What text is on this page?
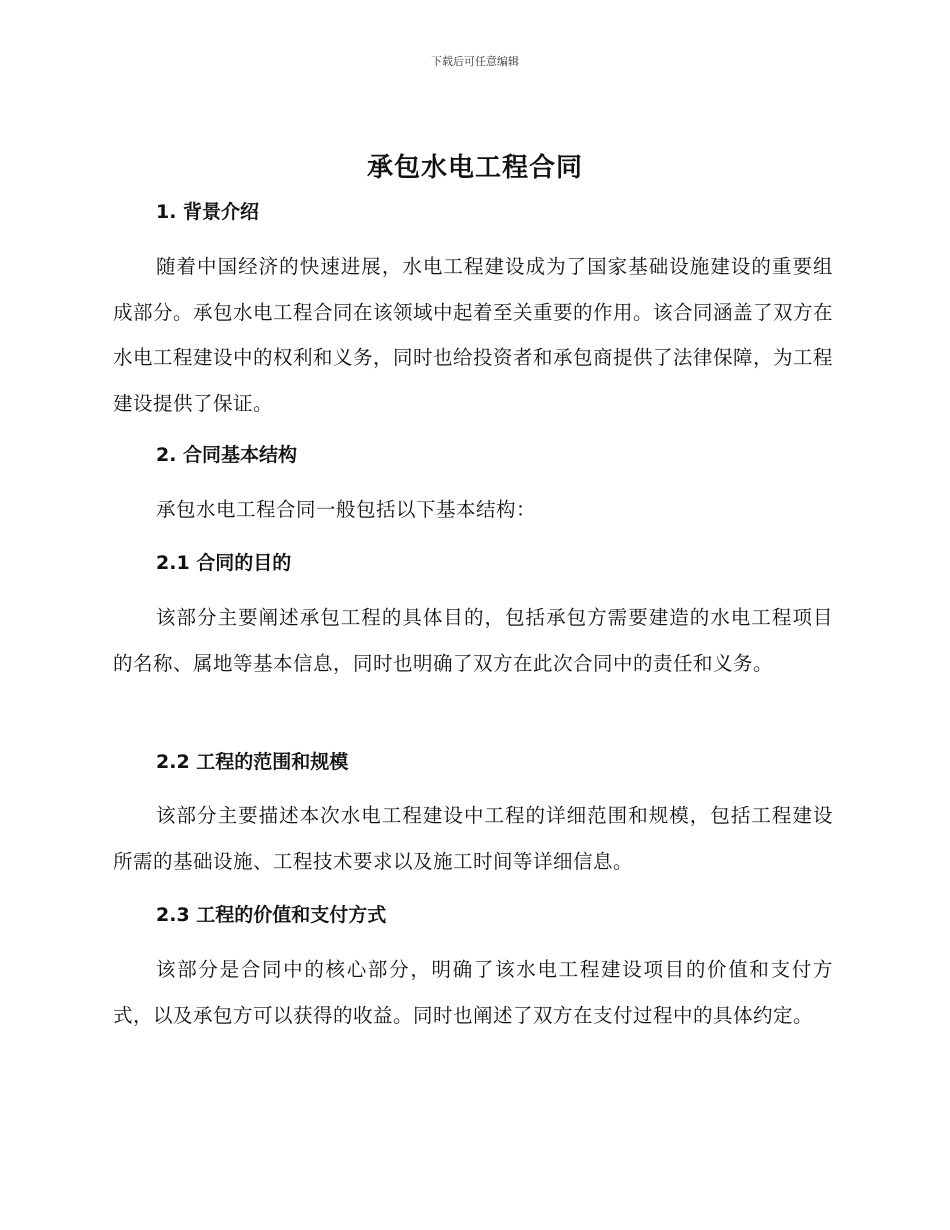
下载后可任意编辑
承包水电工程合同
1. 背景介绍

随着中国经济的快速进展，水电工程建设成为了国家基础设施建设的重要组成部分。承包水电工程合同在该领域中起着至关重要的作用。该合同涵盖了双方在水电工程建设中的权利和义务，同时也给投资者和承包商提供了法律保障，为工程建设提供了保证。

2. 合同基本结构

承包水电工程合同一般包括以下基本结构：

2.1 合同的目的

该部分主要阐述承包工程的具体目的，包括承包方需要建造的水电工程项目的名称、属地等基本信息，同时也明确了双方在此次合同中的责任和义务。

2.2 工程的范围和规模

该部分主要描述本次水电工程建设中工程的详细范围和规模，包括工程建设所需的基础设施、工程技术要求以及施工时间等详细信息。

2.3 工程的价值和支付方式

该部分是合同中的核心部分，明确了该水电工程建设项目的价值和支付方式，以及承包方可以获得的收益。同时也阐述了双方在支付过程中的具体约定。
